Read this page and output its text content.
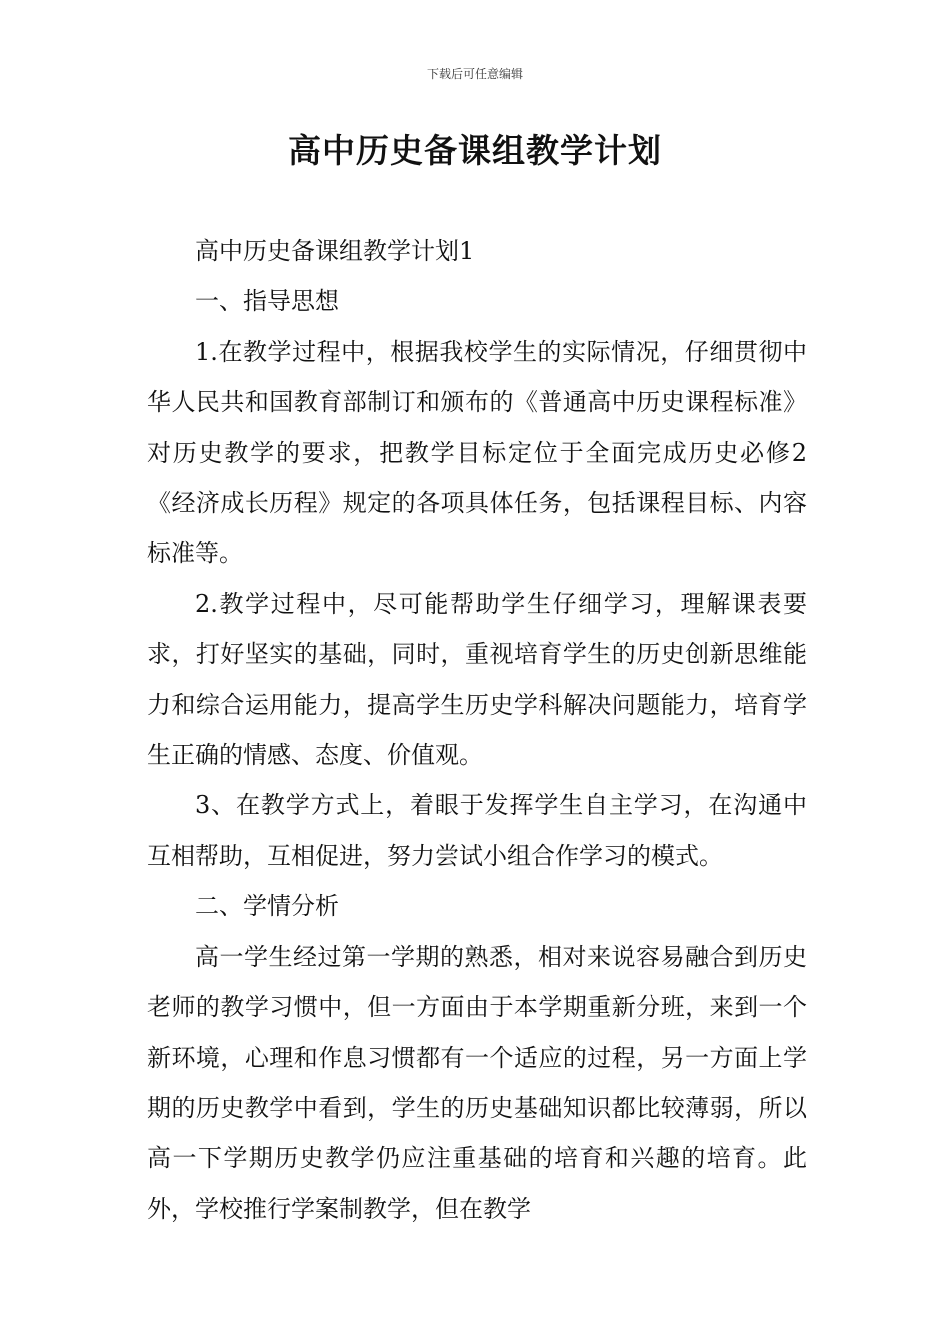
下载后可任意编辑
高中历史备课组教学计划

高中历史备课组教学计划1

一、指导思想

1.在教学过程中，根据我校学生的实际情况，仔细贯彻中华人民共和国教育部制订和颁布的《普通高中历史课程标准》对历史教学的要求，把教学目标定位于全面完成历史必修2《经济成长历程》规定的各项具体任务，包括课程目标、内容标准等。

2.教学过程中，尽可能帮助学生仔细学习，理解课表要求，打好坚实的基础，同时，重视培育学生的历史创新思维能力和综合运用能力，提高学生历史学科解决问题能力，培育学生正确的情感、态度、价值观。

3、在教学方式上，着眼于发挥学生自主学习，在沟通中互相帮助，互相促进，努力尝试小组合作学习的模式。

二、学情分析

高一学生经过第一学期的熟悉，相对来说容易融合到历史老师的教学习惯中，但一方面由于本学期重新分班，来到一个新环境，心理和作息习惯都有一个适应的过程，另一方面上学期的历史教学中看到，学生的历史基础知识都比较薄弱，所以高一下学期历史教学仍应注重基础的培育和兴趣的培育。此外，学校推行学案制教学，但在教学
